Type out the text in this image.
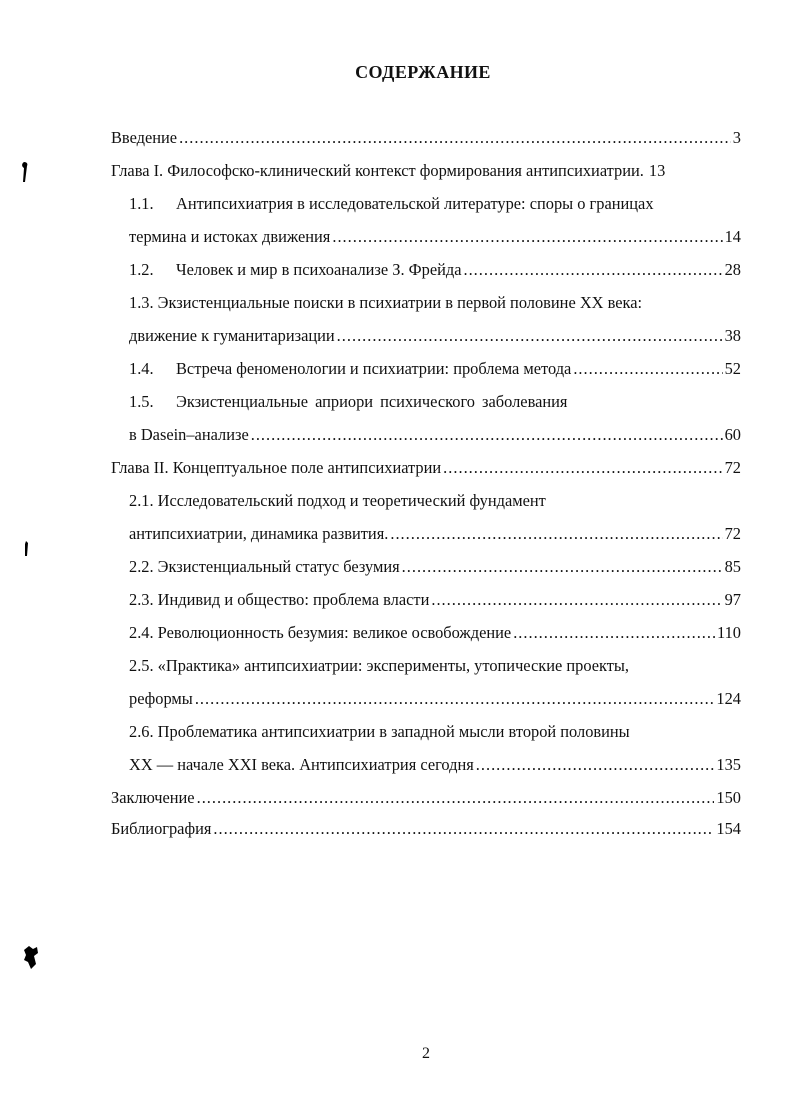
СОДЕРЖАНИЕ
Введение .....	3
Глава I. Философско-клинический контекст формирования антипсихиатрии. 13
1.1. Антипсихиатрия в исследовательской литературе: споры о границах
термина и истоках движения .....	14
1.2. Человек и мир в психоанализе З. Фрейда .....	28
1.3. Экзистенциальные поиски в психиатрии в первой половине XX века:
движение к гуманитаризации .....	38
1.4. Встреча феноменологии и психиатрии: проблема метода .....	52
1.5. Экзистенциальные априори психического заболевания
в Dasein–анализе .....	60
Глава II. Концептуальное поле антипсихиатрии .....	72
2.1. Исследовательский подход и теоретический фундамент
антипсихиатрии, динамика развития. .....	72
2.2. Экзистенциальный статус безумия .....	85
2.3. Индивид и общество: проблема власти .....	97
2.4. Революционность безумия: великое освобождение .....	110
2.5. «Практика» антипсихиатрии: эксперименты, утопические проекты,
реформы .....	124
2.6. Проблематика антипсихиатрии в западной мысли второй половины
XX — начале XXI века. Антипсихиатрия сегодня .....	135
Заключение .....	150
Библиография .....	154
2
